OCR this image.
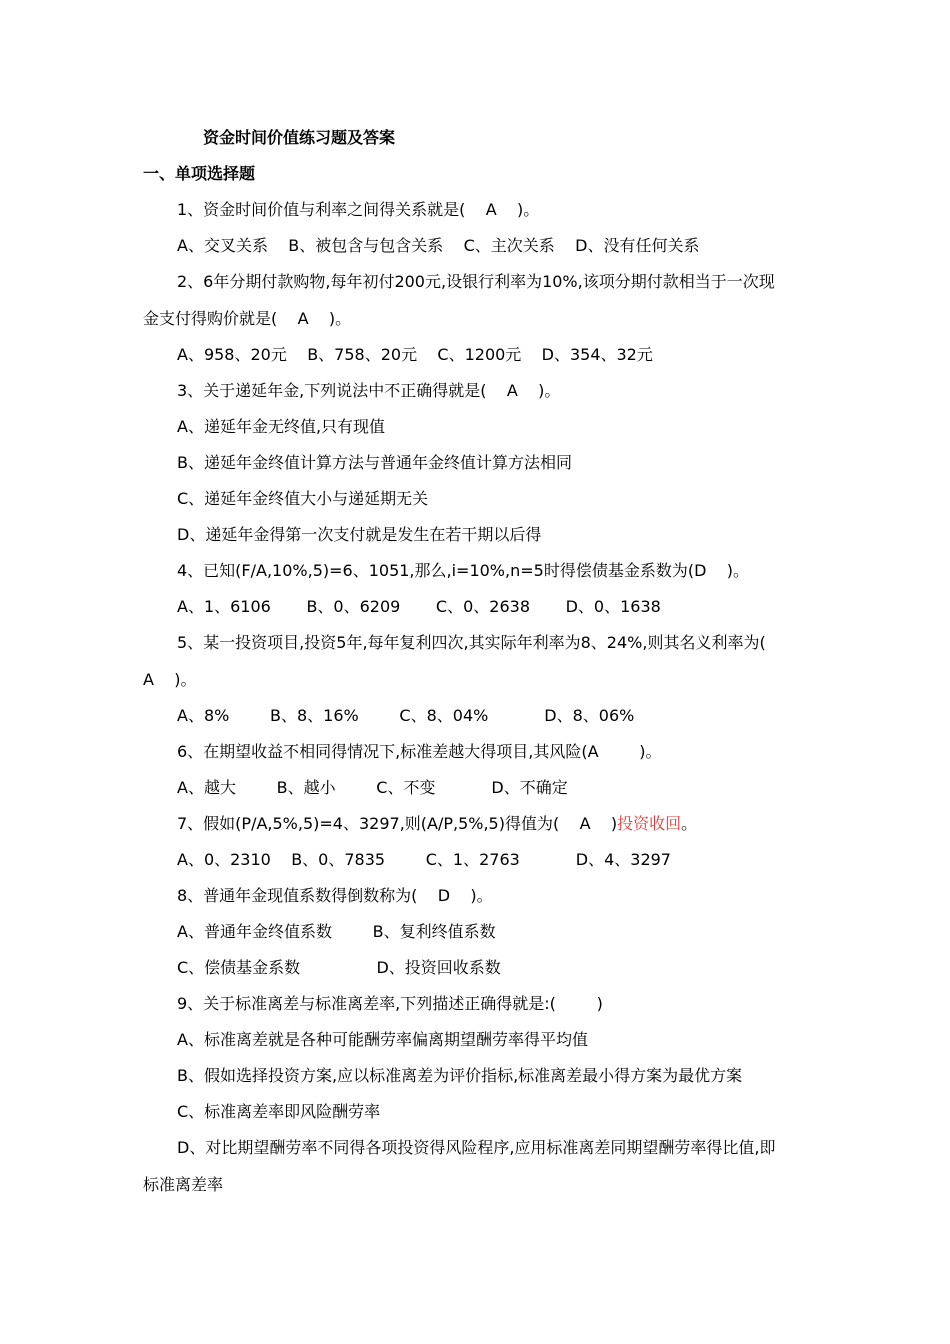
资金时间价值练习题及答案
一、单项选择题
1、资金时间价值与利率之间得关系就是(    A    )。
A、交叉关系    B、被包含与包含关系    C、主次关系    D、没有任何关系
2、6年分期付款购物,每年初付200元,设银行利率为10%,该项分期付款相当于一次现
金支付得购价就是(    A    )。
A、958、20元    B、758、20元    C、1200元    D、354、32元
3、关于递延年金,下列说法中不正确得就是(    A    )。
A、递延年金无终值,只有现值
B、递延年金终值计算方法与普通年金终值计算方法相同
C、递延年金终值大小与递延期无关
D、递延年金得第一次支付就是发生在若干期以后得
4、已知(F/A,10%,5)=6、1051,那么,i=10%,n=5时得偿债基金系数为(D    )。
A、1、6106       B、0、6209       C、0、2638       D、0、1638
5、某一投资项目,投资5年,每年复利四次,其实际年利率为8、24%,则其名义利率为(
A    )。
A、8%        B、8、16%        C、8、04%           D、8、06%
6、在期望收益不相同得情况下,标准差越大得项目,其风险(A        )。
A、越大        B、越小        C、不变           D、不确定
7、假如(P/A,5%,5)=4、3297,则(A/P,5%,5)得值为(    A    )投资收回。
A、0、2310    B、0、7835        C、1、2763           D、4、3297
8、普通年金现值系数得倒数称为(    D    )。
A、普通年金终值系数        B、复利终值系数
C、偿债基金系数               D、投资回收系数
9、关于标准离差与标准离差率,下列描述正确得就是:(        )
A、标准离差就是各种可能酬劳率偏离期望酬劳率得平均值
B、假如选择投资方案,应以标准离差为评价指标,标准离差最小得方案为最优方案
C、标准离差率即风险酬劳率
D、对比期望酬劳率不同得各项投资得风险程序,应用标准离差同期望酬劳率得比值,即
标准离差率
